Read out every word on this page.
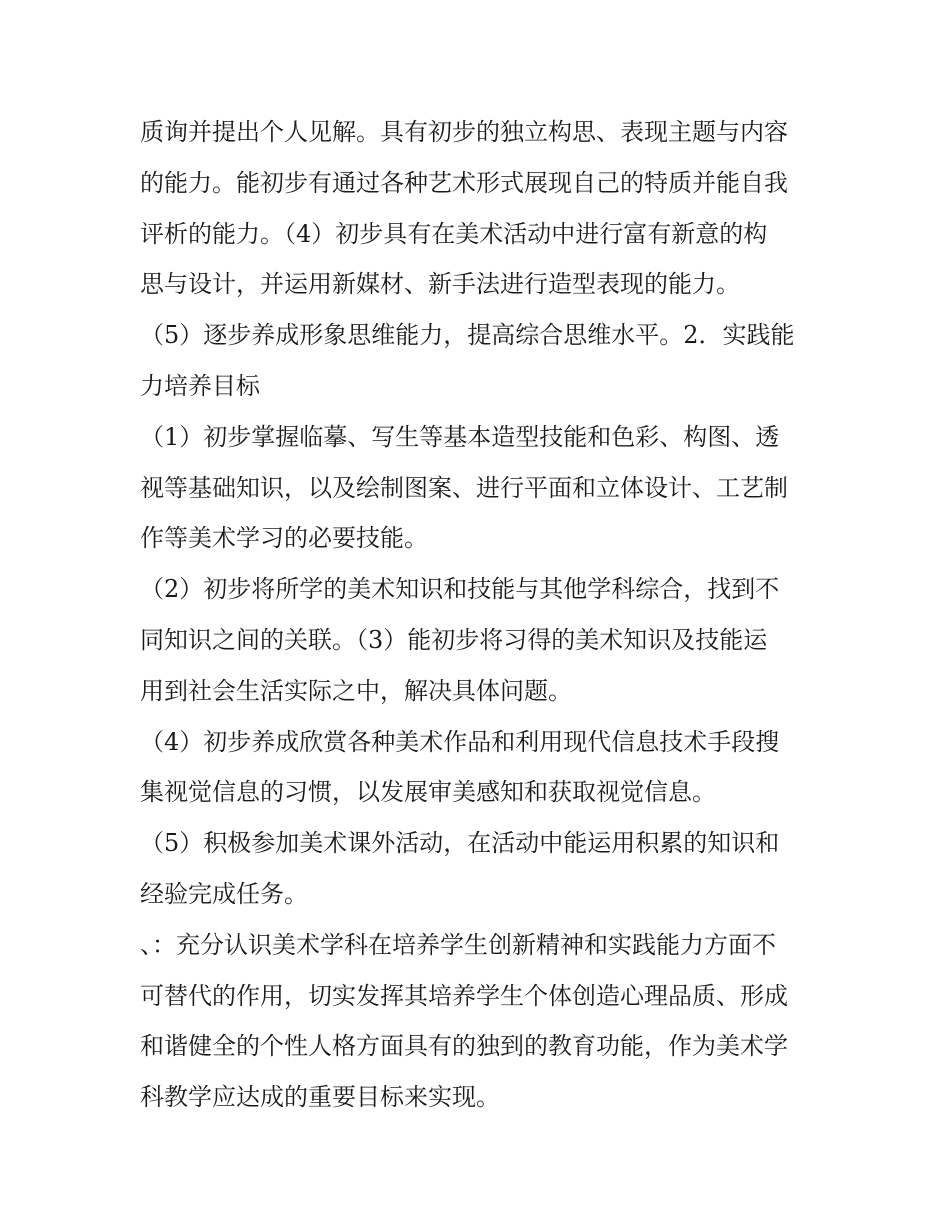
质询并提出个人见解。具有初步的独立构思、表现主题与内容
的能力。能初步有通过各种艺术形式展现自己的特质并能自我
评析的能力。（4）初步具有在美术活动中进行富有新意的构
思与设计，并运用新媒材、新手法进行造型表现的能力。
（5）逐步养成形象思维能力，提高综合思维水平。2．实践能
力培养目标
（1）初步掌握临摹、写生等基本造型技能和色彩、构图、透
视等基础知识，以及绘制图案、进行平面和立体设计、工艺制
作等美术学习的必要技能。
（2）初步将所学的美术知识和技能与其他学科综合，找到不
同知识之间的关联。（3）能初步将习得的美术知识及技能运
用到社会生活实际之中，解决具体问题。
（4）初步养成欣赏各种美术作品和利用现代信息技术手段搜
集视觉信息的习惯，以发展审美感知和获取视觉信息。
（5）积极参加美术课外活动，在活动中能运用积累的知识和
经验完成任务。
、：充分认识美术学科在培养学生创新精神和实践能力方面不
可替代的作用，切实发挥其培养学生个体创造心理品质、形成
和谐健全的个性人格方面具有的独到的教育功能，作为美术学
科教学应达成的重要目标来实现。
